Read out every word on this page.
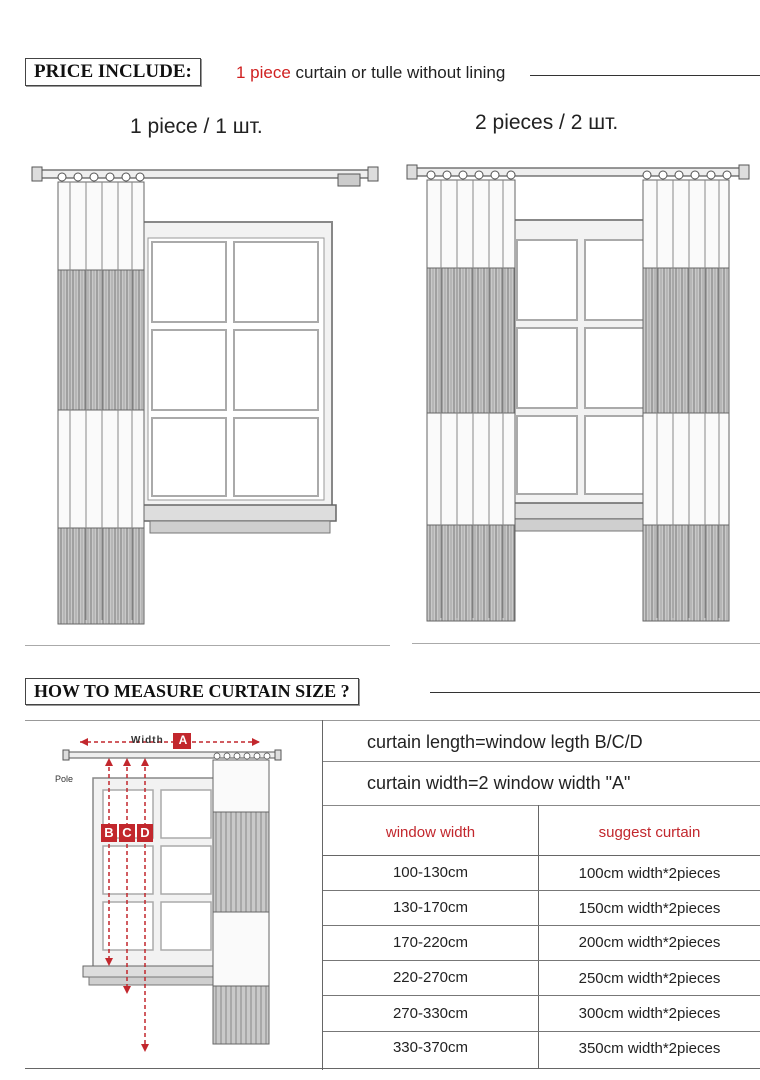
PRICE INCLUDE:	1 piece curtain or tulle without lining
1 piece / 1 шт.	2 pieces / 2 шт.
HOW TO MEASURE CURTAIN SIZE ?
Width	A
Pole
B C D
curtain length=window legth B/C/D
curtain width=2 window width "A"
window width	suggest curtain
100-130cm	100cm width*2pieces
130-170cm	150cm width*2pieces
170-220cm	200cm width*2pieces
220-270cm	250cm width*2pieces
270-330cm	300cm width*2pieces
330-370cm	350cm width*2pieces
